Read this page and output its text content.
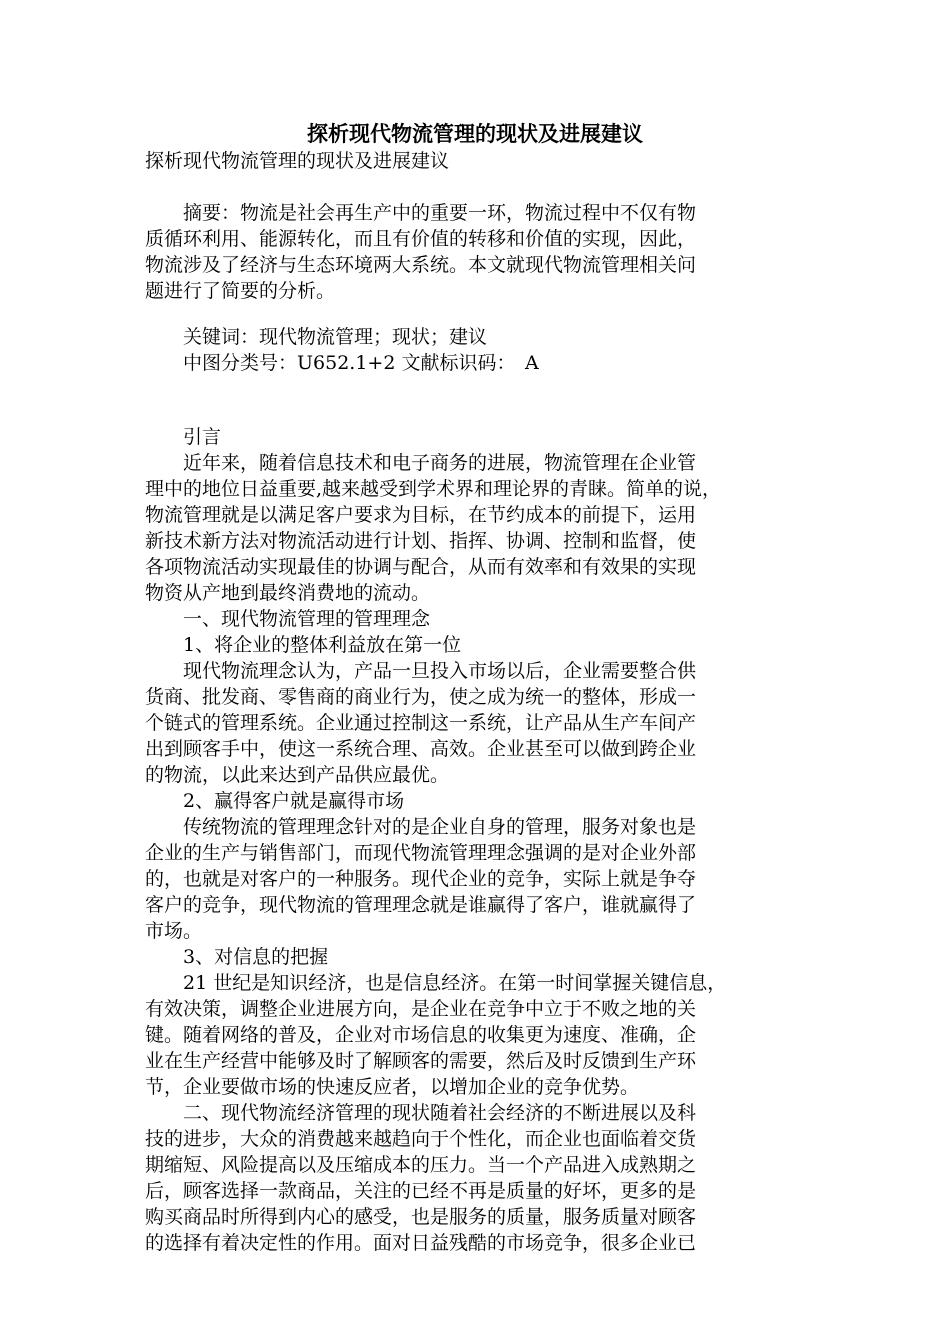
探析现代物流管理的现状及进展建议
探析现代物流管理的现状及进展建议
　　摘要：物流是社会再生产中的重要一环，物流过程中不仅有物
质循环利用、能源转化，而且有价值的转移和价值的实现，因此，
物流涉及了经济与生态环境两大系统。本文就现代物流管理相关问
题进行了简要的分析。
　　关键词：现代物流管理；现状；建议
　　中图分类号：U652.1+2 文献标识码：　A
　　引言
　　近年来，随着信息技术和电子商务的进展，物流管理在企业管
理中的地位日益重要,越来越受到学术界和理论界的青睐。简单的说，
物流管理就是以满足客户要求为目标，在节约成本的前提下，运用
新技术新方法对物流活动进行计划、指挥、协调、控制和监督，使
各项物流活动实现最佳的协调与配合，从而有效率和有效果的实现
物资从产地到最终消费地的流动。
　　一、现代物流管理的管理理念
　　1、将企业的整体利益放在第一位
　　现代物流理念认为，产品一旦投入市场以后，企业需要整合供
货商、批发商、零售商的商业行为，使之成为统一的整体，形成一
个链式的管理系统。企业通过控制这一系统，让产品从生产车间产
出到顾客手中，使这一系统合理、高效。企业甚至可以做到跨企业
的物流，以此来达到产品供应最优。
　　2、赢得客户就是赢得市场
　　传统物流的管理理念针对的是企业自身的管理，服务对象也是
企业的生产与销售部门，而现代物流管理理念强调的是对企业外部
的，也就是对客户的一种服务。现代企业的竞争，实际上就是争夺
客户的竞争，现代物流的管理理念就是谁赢得了客户，谁就赢得了
市场。
　　3、对信息的把握
　　21 世纪是知识经济，也是信息经济。在第一时间掌握关键信息，
有效决策，调整企业进展方向，是企业在竞争中立于不败之地的关
键。随着网络的普及，企业对市场信息的收集更为速度、准确，企
业在生产经营中能够及时了解顾客的需要，然后及时反馈到生产环
节，企业要做市场的快速反应者，以增加企业的竞争优势。
　　二、现代物流经济管理的现状随着社会经济的不断进展以及科
技的进步，大众的消费越来越趋向于个性化，而企业也面临着交货
期缩短、风险提高以及压缩成本的压力。当一个产品进入成熟期之
后，顾客选择一款商品，关注的已经不再是质量的好坏，更多的是
购买商品时所得到内心的感受，也是服务的质量，服务质量对顾客
的选择有着决定性的作用。面对日益残酷的市场竞争，很多企业已
